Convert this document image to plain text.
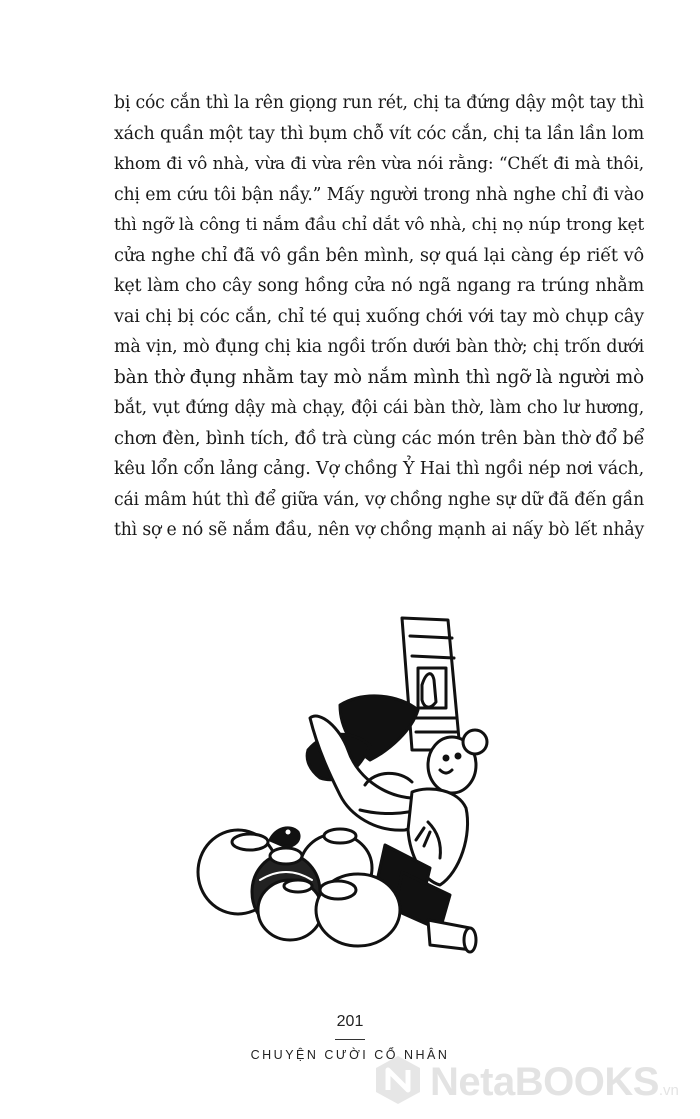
bị cóc cắn thì la rên giọng run rét, chị ta đứng dậy một tay thì
xách quần một tay thì bụm chỗ vít cóc cắn, chị ta lần lần lom
khom đi vô nhà, vừa đi vừa rên vừa nói rằng: “Chết đi mà thôi,
chị em cứu tôi bận nầy.” Mấy người trong nhà nghe chỉ đi vào
thì ngỡ là công ti nắm đầu chỉ dắt vô nhà, chị nọ núp trong kẹt
cửa nghe chỉ đã vô gần bên mình, sợ quá lại càng ép riết vô
kẹt làm cho cây song hồng cửa nó ngã ngang ra trúng nhằm
vai chị bị cóc cắn, chỉ té quị xuống chới với tay mò chụp cây
mà vịn, mò đụng chị kia ngồi trốn dưới bàn thờ; chị trốn dưới
bàn thờ đụng nhằm tay mò nắm mình thì ngỡ là người mò
bắt, vụt đứng dậy mà chạy, đội cái bàn thờ, làm cho lư hương,
chơn đèn, bình tích, đồ trà cùng các món trên bàn thờ đổ bể
kêu lổn cổn lảng cảng. Vợ chồng Ỷ Hai thì ngồi nép nơi vách,
cái mâm hút thì để giữa ván, vợ chồng nghe sự dữ đã đến gần
thì sợ e nó sẽ nắm đầu, nên vợ chồng mạnh ai nấy bò lết nhảy
201
CHUYỆN CƯỜI CỔ NHÂN
NetaBOOKS.vn
